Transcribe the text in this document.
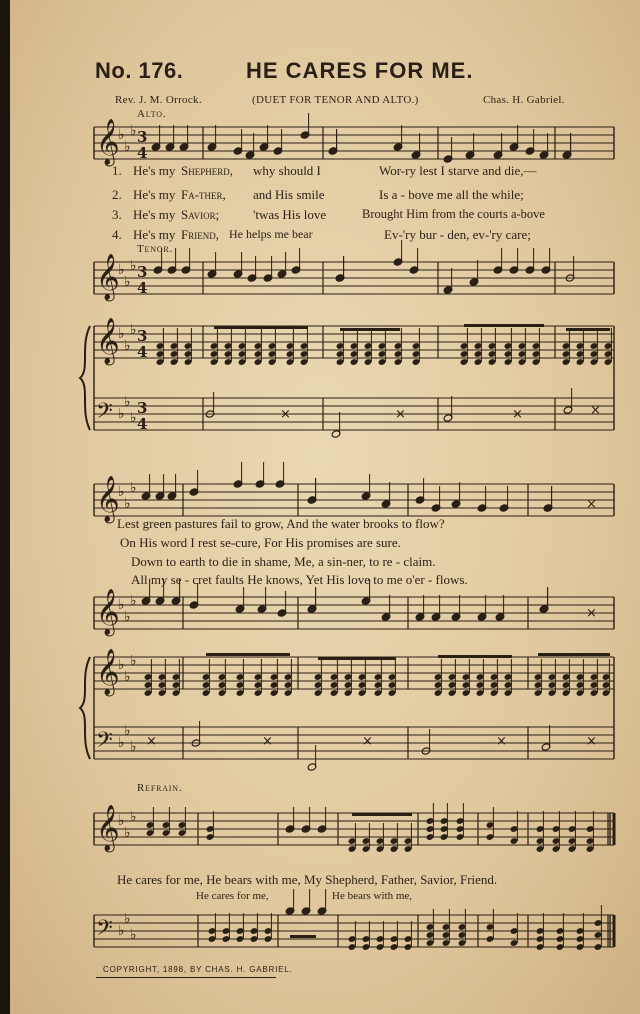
No. 176.	HE CARES FOR ME.
Rev. J. M. Orrock.	(DUET FOR TENOR AND ALTO.)	Chas. H. Gabriel.
Alto.
Tenor.
Refrain.
1. He's my Shepherd, why should I	Wor-ry lest I starve and die,—
2. He's my Fa-ther, and His smile	Is a - bove me all the while;
3. He's my Savior;	'twas His love	Brought Him from the courts a-bove
4. He's my Friend, He helps me bear	Ev-'ry bur - den, ev-'ry care;
Lest green pastures fail to grow, And the water brooks to flow?
On His word I rest se-cure, For His promises are sure.
Down to earth to die in shame, Me, a sin-ner, to re - claim.
All my se - cret faults He knows, Yet His love to me o'er - flows.
He cares for me, He bears with me, My Shepherd, Father, Savior, Friend.
He cares for me,	He bears with me,
COPYRIGHT, 1898, BY CHAS. H. GABRIEL.
𝄞
♭
♭
♭ 3
4
𝄞
♭
♭
♭ 3
4
𝄞
♭
♭
♭ 3
4
𝄢 ♭
♭
♭
3
4
×	×	×	×
𝄞
♭
♭
♭
×
𝄞
♭
♭
♭
×
𝄞
♭
♭
♭
𝄢 ♭
♭
♭ ×	×	×	×	×
𝄞
♭
♭
♭
𝄢 ♭
♭
♭
